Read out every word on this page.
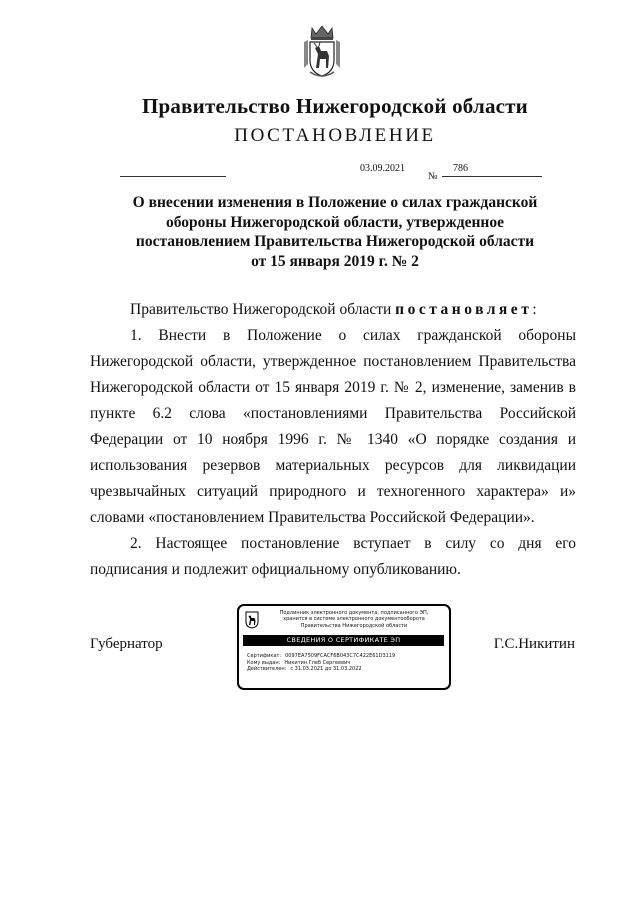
Правительство Нижегородской области
ПОСТАНОВЛЕНИЕ
03.09.2021
№
786
О внесении изменения в Положение о силах гражданской
обороны Нижегородской области, утвержденное
постановлением Правительства Нижегородской области
от 15 января 2019 г. № 2
Правительство Нижегородской области постановляет:
1. Внести в Положение о силах гражданской обороны Нижегородской области, утвержденное постановлением Правительства Нижегородской области от 15 января 2019 г. № 2, изменение, заменив в пункте 6.2 слова «постановлениями Правительства Российской Федерации от 10 ноября 1996 г. № 1340 «О порядке создания и использования резервов материальных ресурсов для ликвидации чрезвычайных ситуаций природного и техногенного характера» и» словами «постановлением Правительства Российской Федерации».
2. Настоящее постановление вступает в силу со дня его подписания и подлежит официальному опубликованию.
Губернатор	Г.С.Никитин
Подлинник электронного документа, подписанного ЭП,
хранится в системе электронного документооборота
Правительства Нижегородской области
СВЕДЕНИЯ О СЕРТИФИКАТЕ ЭП
Сертификат: 0097EA7509FCACF6B043C7C422E61D3119
Кому выдан: Никитин Глеб Сергеевич
Действителен: с 31.03.2021 до 31.03.2022
